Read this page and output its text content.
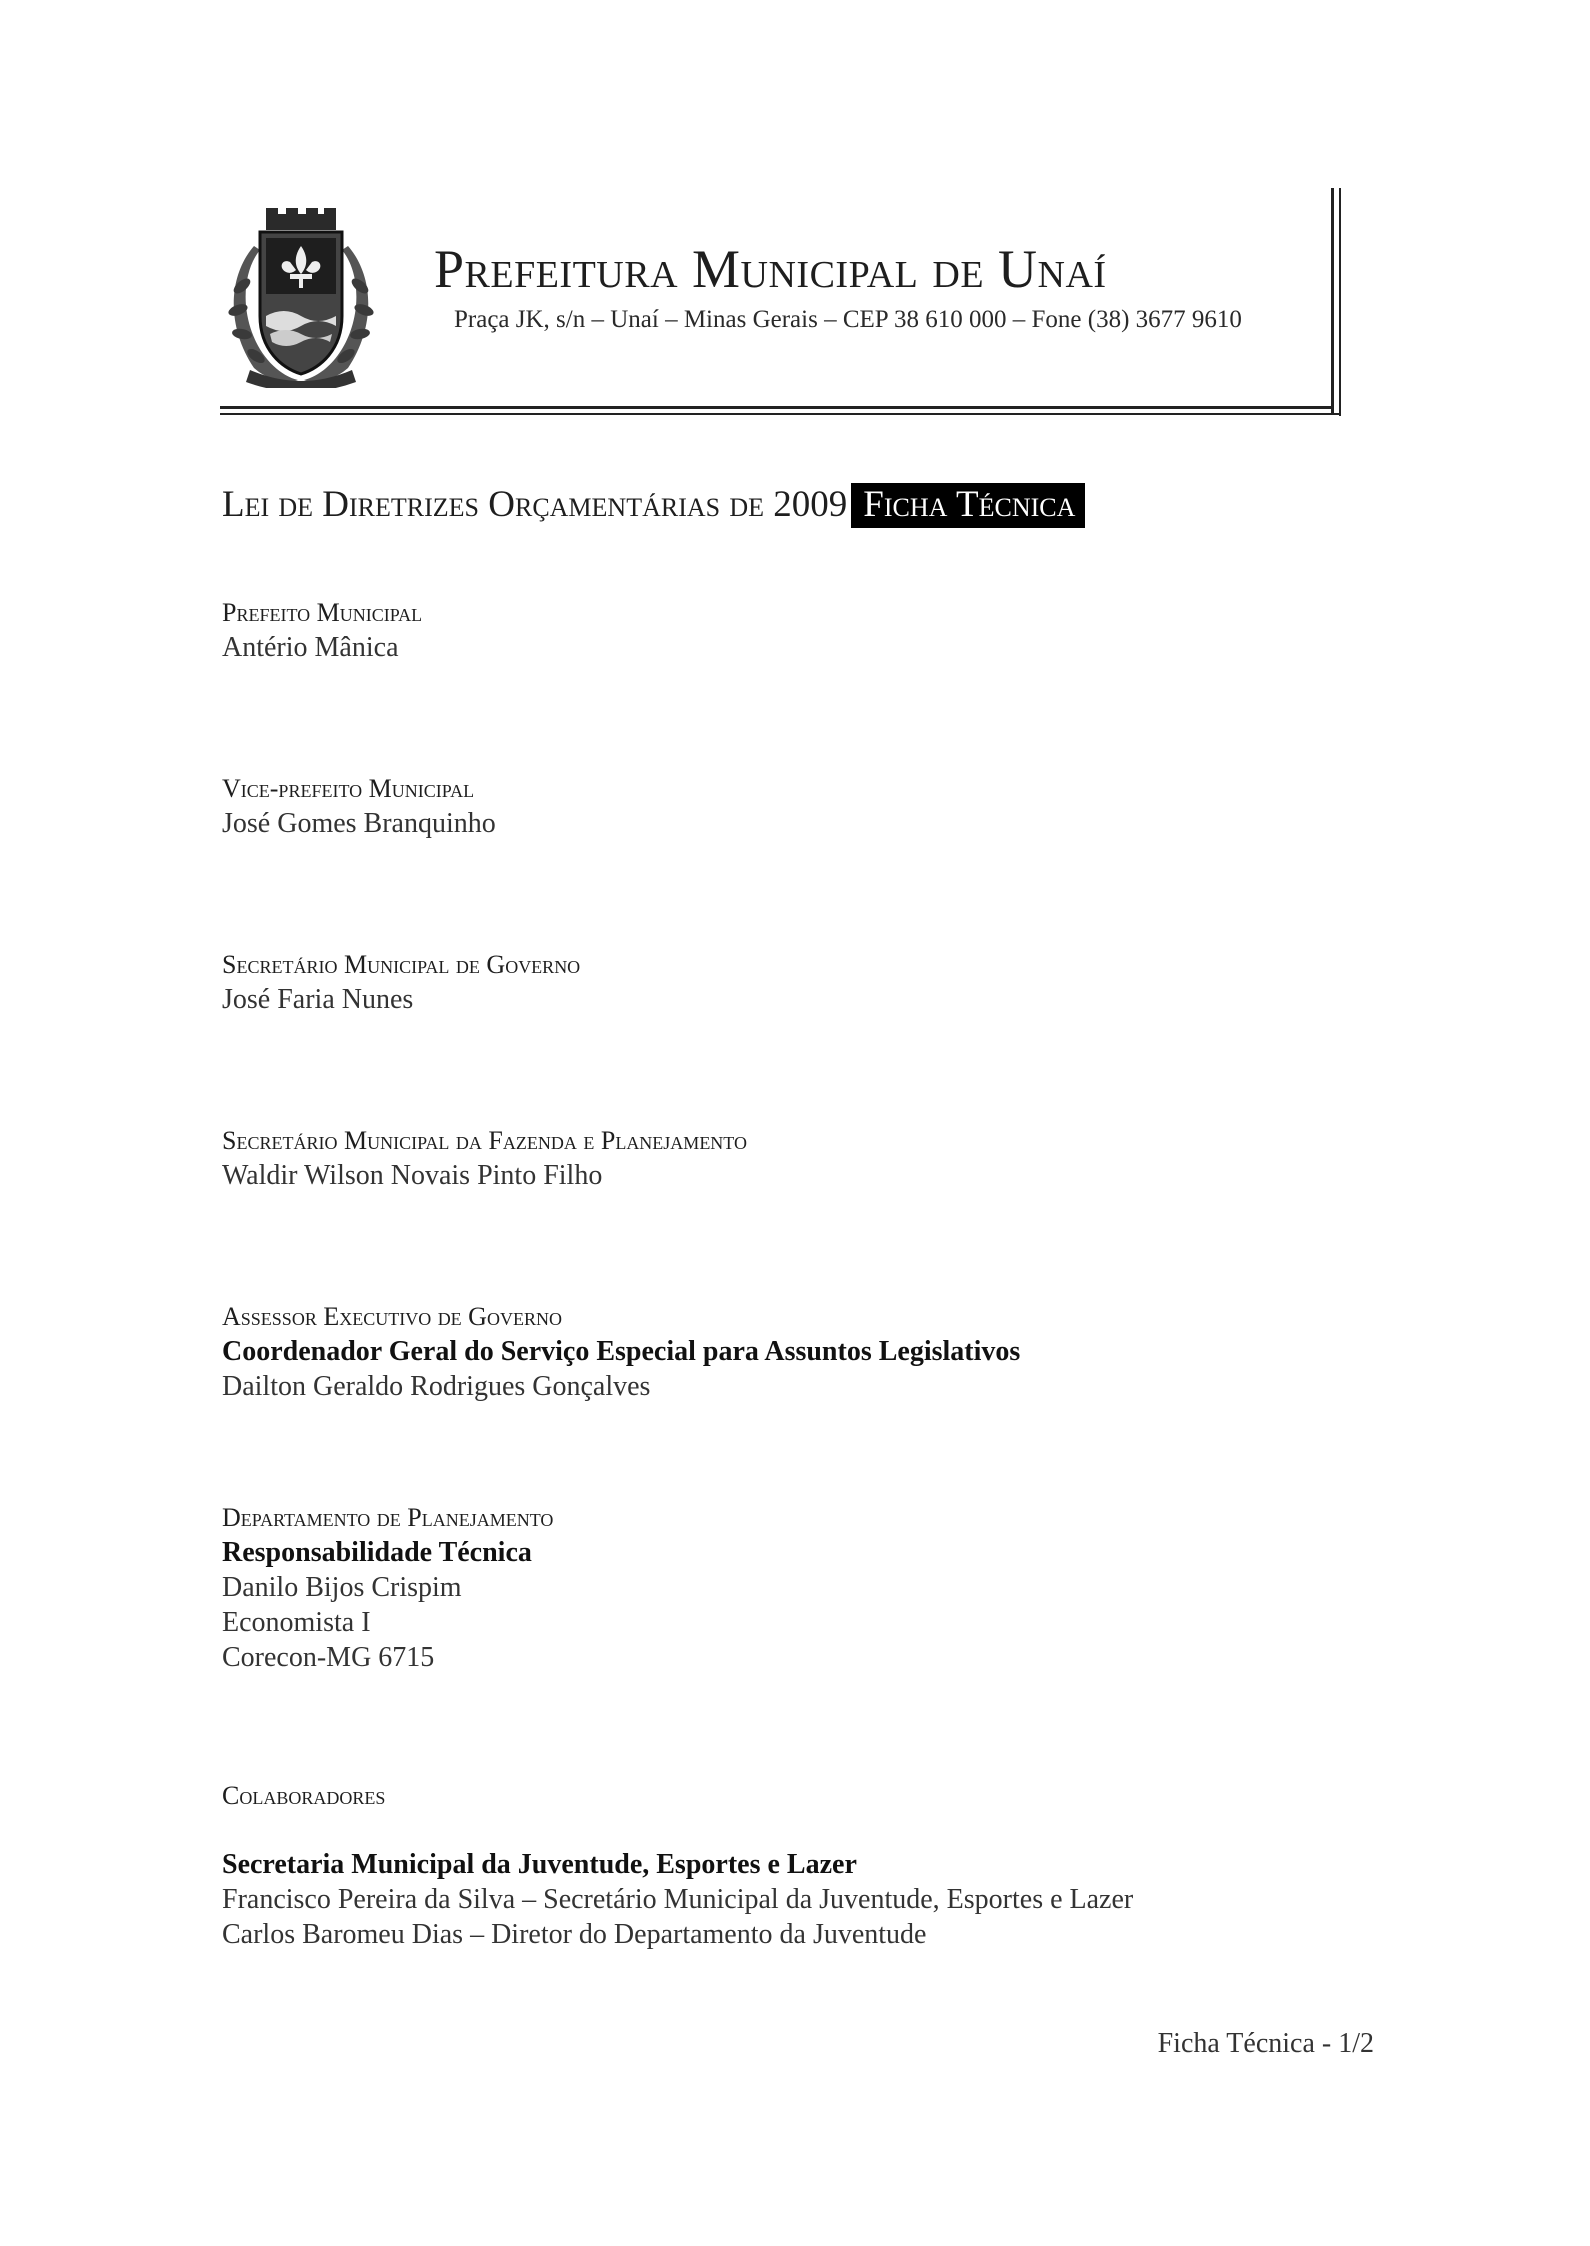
Prefeitura Municipal de Unaí
Praça JK, s/n – Unaí – Minas Gerais – CEP 38 610 000 – Fone (38) 3677 9610
Lei de Diretrizes Orçamentárias de 2009 Ficha Técnica
Prefeito Municipal
Antério Mânica
Vice-prefeito Municipal
José Gomes Branquinho
Secretário Municipal de Governo
José Faria Nunes
Secretário Municipal da Fazenda e Planejamento
Waldir Wilson Novais Pinto Filho
Assessor Executivo de Governo
Coordenador Geral do Serviço Especial para Assuntos Legislativos
Dailton Geraldo Rodrigues Gonçalves
Departamento de Planejamento
Responsabilidade Técnica
Danilo Bijos Crispim
Economista I
Corecon-MG 6715
Colaboradores
Secretaria Municipal da Juventude, Esportes e Lazer
Francisco Pereira da Silva – Secretário Municipal da Juventude, Esportes e Lazer
Carlos Baromeu Dias – Diretor do Departamento da Juventude
Ficha Técnica - 1/2
